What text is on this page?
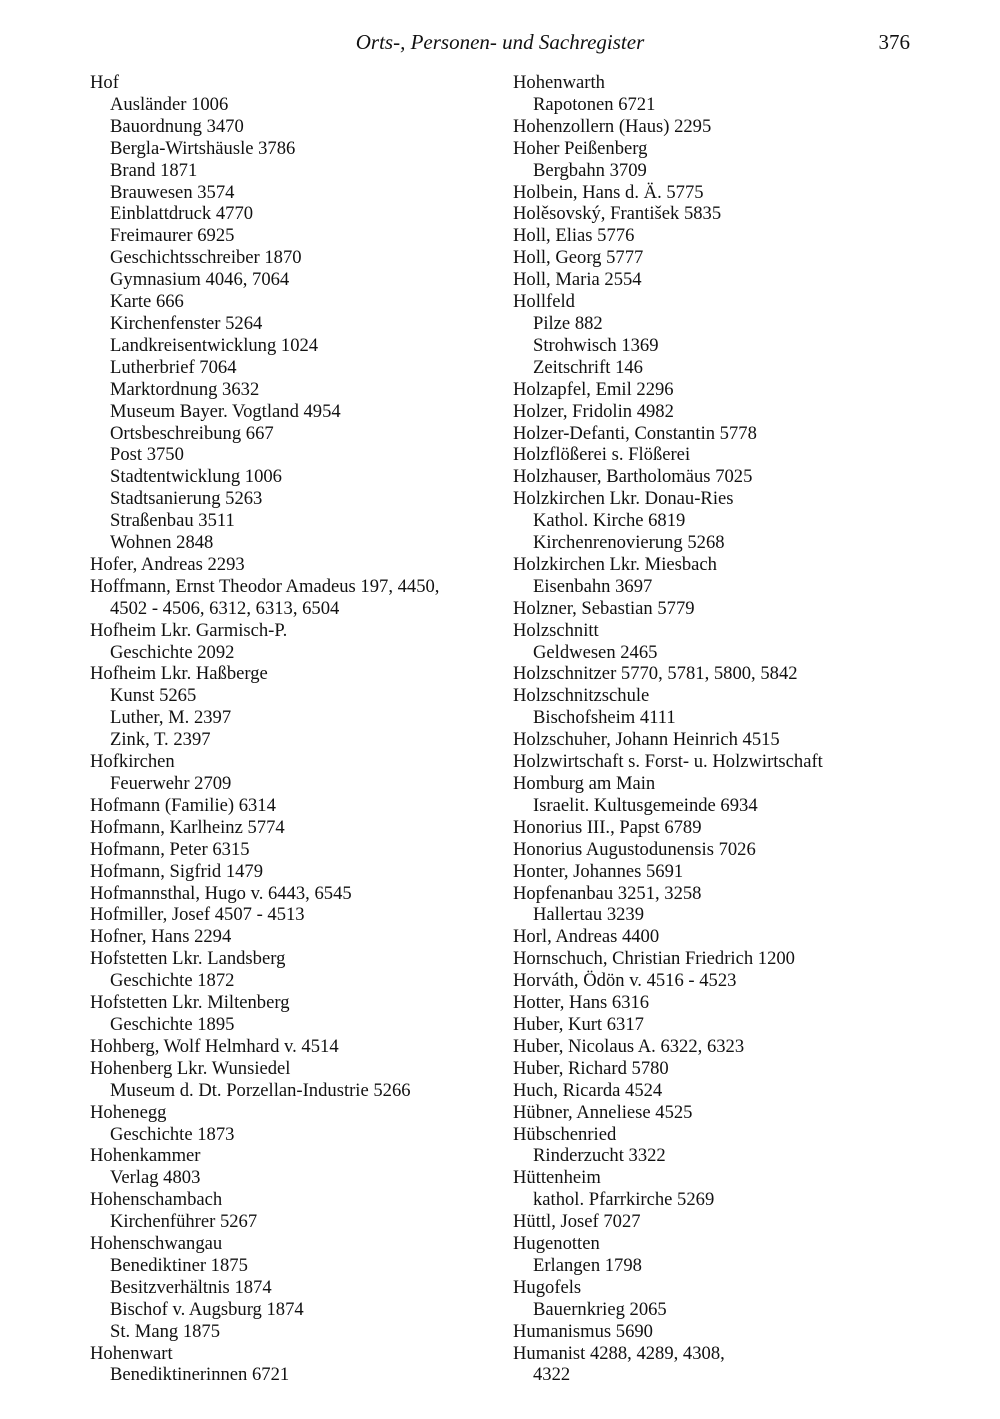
Orts-, Personen- und Sachregister	376
Hof
Ausländer 1006
Bauordnung 3470
Bergla-Wirtshäusle 3786
Brand 1871
Brauwesen 3574
Einblattdruck 4770
Freimaurer 6925
Geschichtsschreiber 1870
Gymnasium 4046, 7064
Karte 666
Kirchenfenster 5264
Landkreisentwicklung 1024
Lutherbrief 7064
Marktordnung 3632
Museum Bayer. Vogtland 4954
Ortsbeschreibung 667
Post 3750
Stadtentwicklung 1006
Stadtsanierung 5263
Straßenbau 3511
Wohnen 2848
Hofer, Andreas 2293
Hoffmann, Ernst Theodor Amadeus 197, 4450,
4502 - 4506, 6312, 6313, 6504
Hofheim Lkr. Garmisch-P.
Geschichte 2092
Hofheim Lkr. Haßberge
Kunst 5265
Luther, M. 2397
Zink, T. 2397
Hofkirchen
Feuerwehr 2709
Hofmann (Familie) 6314
Hofmann, Karlheinz 5774
Hofmann, Peter 6315
Hofmann, Sigfrid 1479
Hofmannsthal, Hugo v. 6443, 6545
Hofmiller, Josef 4507 - 4513
Hofner, Hans 2294
Hofstetten Lkr. Landsberg
Geschichte 1872
Hofstetten Lkr. Miltenberg
Geschichte 1895
Hohberg, Wolf Helmhard v. 4514
Hohenberg Lkr. Wunsiedel
Museum d. Dt. Porzellan-Industrie 5266
Hohenegg
Geschichte 1873
Hohenkammer
Verlag 4803
Hohenschambach
Kirchenführer 5267
Hohenschwangau
Benediktiner 1875
Besitzverhältnis 1874
Bischof v. Augsburg 1874
St. Mang 1875
Hohenwart
Benediktinerinnen 6721
Hohenwarth
Rapotonen 6721
Hohenzollern (Haus) 2295
Hoher Peißenberg
Bergbahn 3709
Holbein, Hans d. Ä. 5775
Holěsovský, František 5835
Holl, Elias 5776
Holl, Georg 5777
Holl, Maria 2554
Hollfeld
Pilze 882
Strohwisch 1369
Zeitschrift 146
Holzapfel, Emil 2296
Holzer, Fridolin 4982
Holzer-Defanti, Constantin 5778
Holzflößerei s. Flößerei
Holzhauser, Bartholomäus 7025
Holzkirchen Lkr. Donau-Ries
Kathol. Kirche 6819
Kirchenrenovierung 5268
Holzkirchen Lkr. Miesbach
Eisenbahn 3697
Holzner, Sebastian 5779
Holzschnitt
Geldwesen 2465
Holzschnitzer 5770, 5781, 5800, 5842
Holzschnitzschule
Bischofsheim 4111
Holzschuher, Johann Heinrich 4515
Holzwirtschaft s. Forst- u. Holzwirtschaft
Homburg am Main
Israelit. Kultusgemeinde 6934
Honorius III., Papst 6789
Honorius Augustodunensis 7026
Honter, Johannes 5691
Hopfenanbau 3251, 3258
Hallertau 3239
Horl, Andreas 4400
Hornschuch, Christian Friedrich 1200
Horváth, Ödön v. 4516 - 4523
Hotter, Hans 6316
Huber, Kurt 6317
Huber, Nicolaus A. 6322, 6323
Huber, Richard 5780
Huch, Ricarda 4524
Hübner, Anneliese 4525
Hübschenried
Rinderzucht 3322
Hüttenheim
kathol. Pfarrkirche 5269
Hüttl, Josef 7027
Hugenotten
Erlangen 1798
Hugofels
Bauernkrieg 2065
Humanismus 5690
Humanist 4288, 4289, 4308,
4322
